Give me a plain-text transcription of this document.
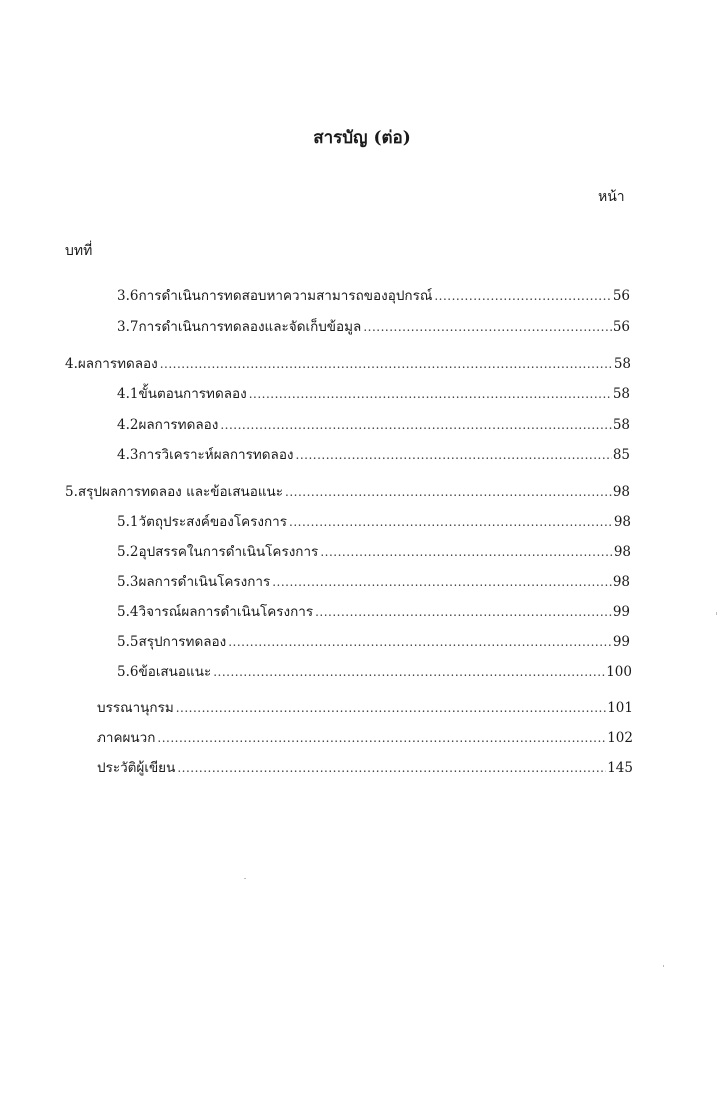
สารบัญ (ต่อ)
หน้า
บทที่
3.6 การดำเนินการทดสอบหาความสามารถของอุปกรณ์ .....	56
3.7 การดำเนินการทดลองและจัดเก็บข้อมูล .....	56
4. ผลการทดลอง .....	58
4.1 ขั้นตอนการทดลอง .....	58
4.2 ผลการทดลอง .....	58
4.3 การวิเคราะห์ผลการทดลอง .....	85
5. สรุปผลการทดลอง และข้อเสนอแนะ .....	98
5.1 วัตถุประสงค์ของโครงการ .....	98
5.2 อุปสรรคในการดำเนินโครงการ .....	98
5.3 ผลการดำเนินโครงการ .....	98
5.4 วิจารณ์ผลการดำเนินโครงการ .....	99
5.5 สรุปการทดลอง .....	99
5.6 ข้อเสนอแนะ .....	100
บรรณานุกรม .....	101
ภาคผนวก .....	102
ประวัติผู้เขียน .....	145
